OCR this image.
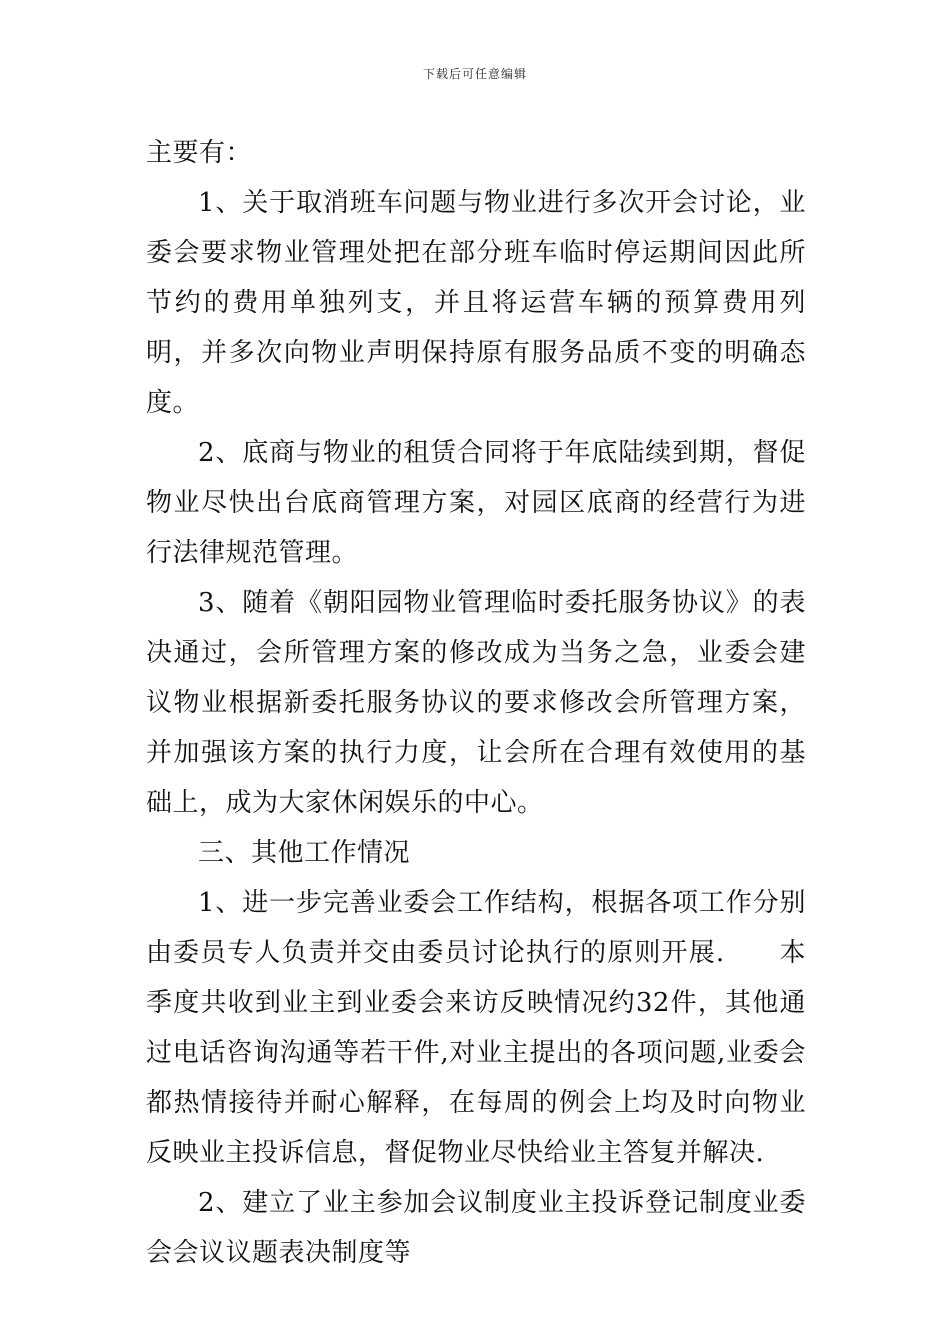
下载后可任意编辑

主要有：

1、关于取消班车问题与物业进行多次开会讨论，业委会要求物业管理处把在部分班车临时停运期间因此所节约的费用单独列支，并且将运营车辆的预算费用列明，并多次向物业声明保持原有服务品质不变的明确态度。

2、底商与物业的租赁合同将于年底陆续到期，督促物业尽快出台底商管理方案，对园区底商的经营行为进行法律规范管理。

3、随着《朝阳园物业管理临时委托服务协议》的表决通过，会所管理方案的修改成为当务之急，业委会建议物业根据新委托服务协议的要求修改会所管理方案，并加强该方案的执行力度，让会所在合理有效使用的基础上，成为大家休闲娱乐的中心。

三、其他工作情况

1、进一步完善业委会工作结构，根据各项工作分别由委员专人负责并交由委员讨论执行的原则开展.　　本季度共收到业主到业委会来访反映情况约32件，其他通过电话咨询沟通等若干件,对业主提出的各项问题,业委会都热情接待并耐心解释，在每周的例会上均及时向物业反映业主投诉信息，督促物业尽快给业主答复并解决.

2、建立了业主参加会议制度业主投诉登记制度业委会会议议题表决制度等
